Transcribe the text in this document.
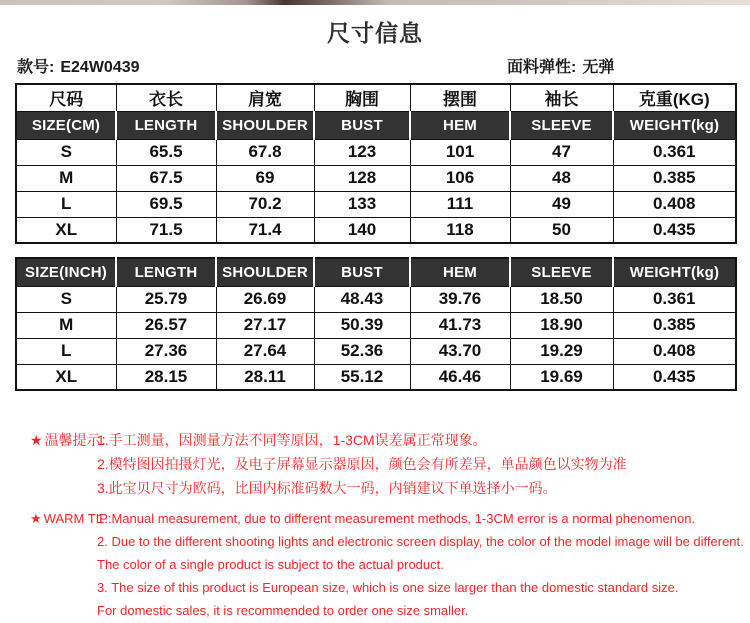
尺寸信息
款号: E24W0439	面料弹性: 无弹
尺码	衣长	肩宽	胸围	摆围	袖长	克重(KG)
SIZE(CM)	LENGTH	SHOULDER	BUST	HEM	SLEEVE	WEIGHT(kg)
S	65.5	67.8	123	101	47	0.361
M	67.5	69	128	106	48	0.385
L	69.5	70.2	133	111	49	0.408
XL	71.5	71.4	140	118	50	0.435
SIZE(INCH)	LENGTH	SHOULDER	BUST	HEM	SLEEVE	WEIGHT(kg)
S	25.79	26.69	48.43	39.76	18.50	0.361
M	26.57	27.17	50.39	41.73	18.90	0.385
L	27.36	27.64	52.36	43.70	19.29	0.408
XL	28.15	28.11	55.12	46.46	19.69	0.435
★ 温馨提示：
1.手工测量，因测量方法不同等原因，1-3CM误差属正常现象。
2.模特图因拍摄灯光，及电子屏幕显示器原因，颜色会有所差异，单品颜色以实物为准
3.此宝贝尺寸为欧码，比国内标准码数大一码，内销建议下单选择小一码。
★ WARM TIP:
1. Manual measurement, due to different measurement methods, 1-3CM error is a normal phenomenon.
2. Due to the different shooting lights and electronic screen display, the color of the model image will be different.
The color of a single product is subject to the actual product.
3. The size of this product is European size, which is one size larger than the domestic standard size.
For domestic sales, it is recommended to order one size smaller.
